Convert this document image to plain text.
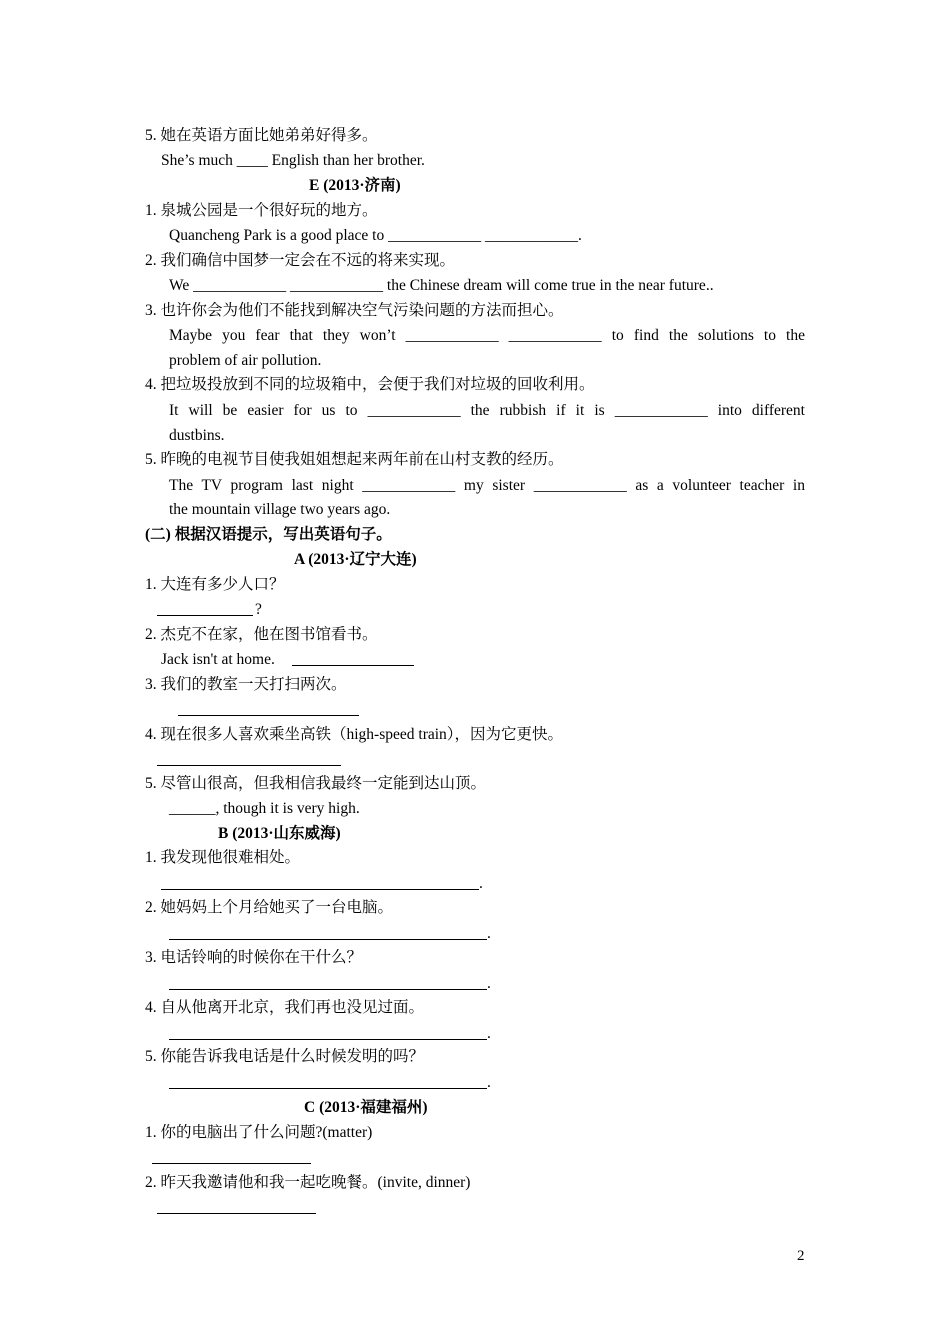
5. 她在英语方面比她弟弟好得多。
She’s much ____ English than her brother.
E (2013·济南)
1. 泉城公园是一个很好玩的地方。
Quancheng Park is a good place to ____________ ____________.
2. 我们确信中国梦一定会在不远的将来实现。
We ____________ ____________ the Chinese dream will come true in the near future..
3. 也许你会为他们不能找到解决空气污染问题的方法而担心。
Maybe you fear that they won’t ____________ ____________ to find the solutions to the
problem of air pollution.
4. 把垃圾投放到不同的垃圾箱中，会便于我们对垃圾的回收利用。
It will be easier for us to ____________ the rubbish if it is ____________ into different
dustbins.
5. 昨晚的电视节目使我姐姐想起来两年前在山村支教的经历。
The TV program last night ____________ my sister ____________ as a volunteer teacher in
the mountain village two years ago.
(二) 根据汉语提示，写出英语句子。
A (2013·辽宁大连)
1. 大连有多少人口？
?
2. 杰克不在家，他在图书馆看书。
Jack isn't at home.
3. 我们的教室一天打扫两次。
4. 现在很多人喜欢乘坐高铁（high-speed train），因为它更快。
5. 尽管山很高，但我相信我最终一定能到达山顶。
______, though it is very high.
B (2013·山东威海)
1. 我发现他很难相处。
.
2. 她妈妈上个月给她买了一台电脑。
.
3. 电话铃响的时候你在干什么？
.
4. 自从他离开北京，我们再也没见过面。
.
5. 你能告诉我电话是什么时候发明的吗？
.
C (2013·福建福州)
1. 你的电脑出了什么问题?(matter)
2. 昨天我邀请他和我一起吃晚餐。(invite, dinner)
2
